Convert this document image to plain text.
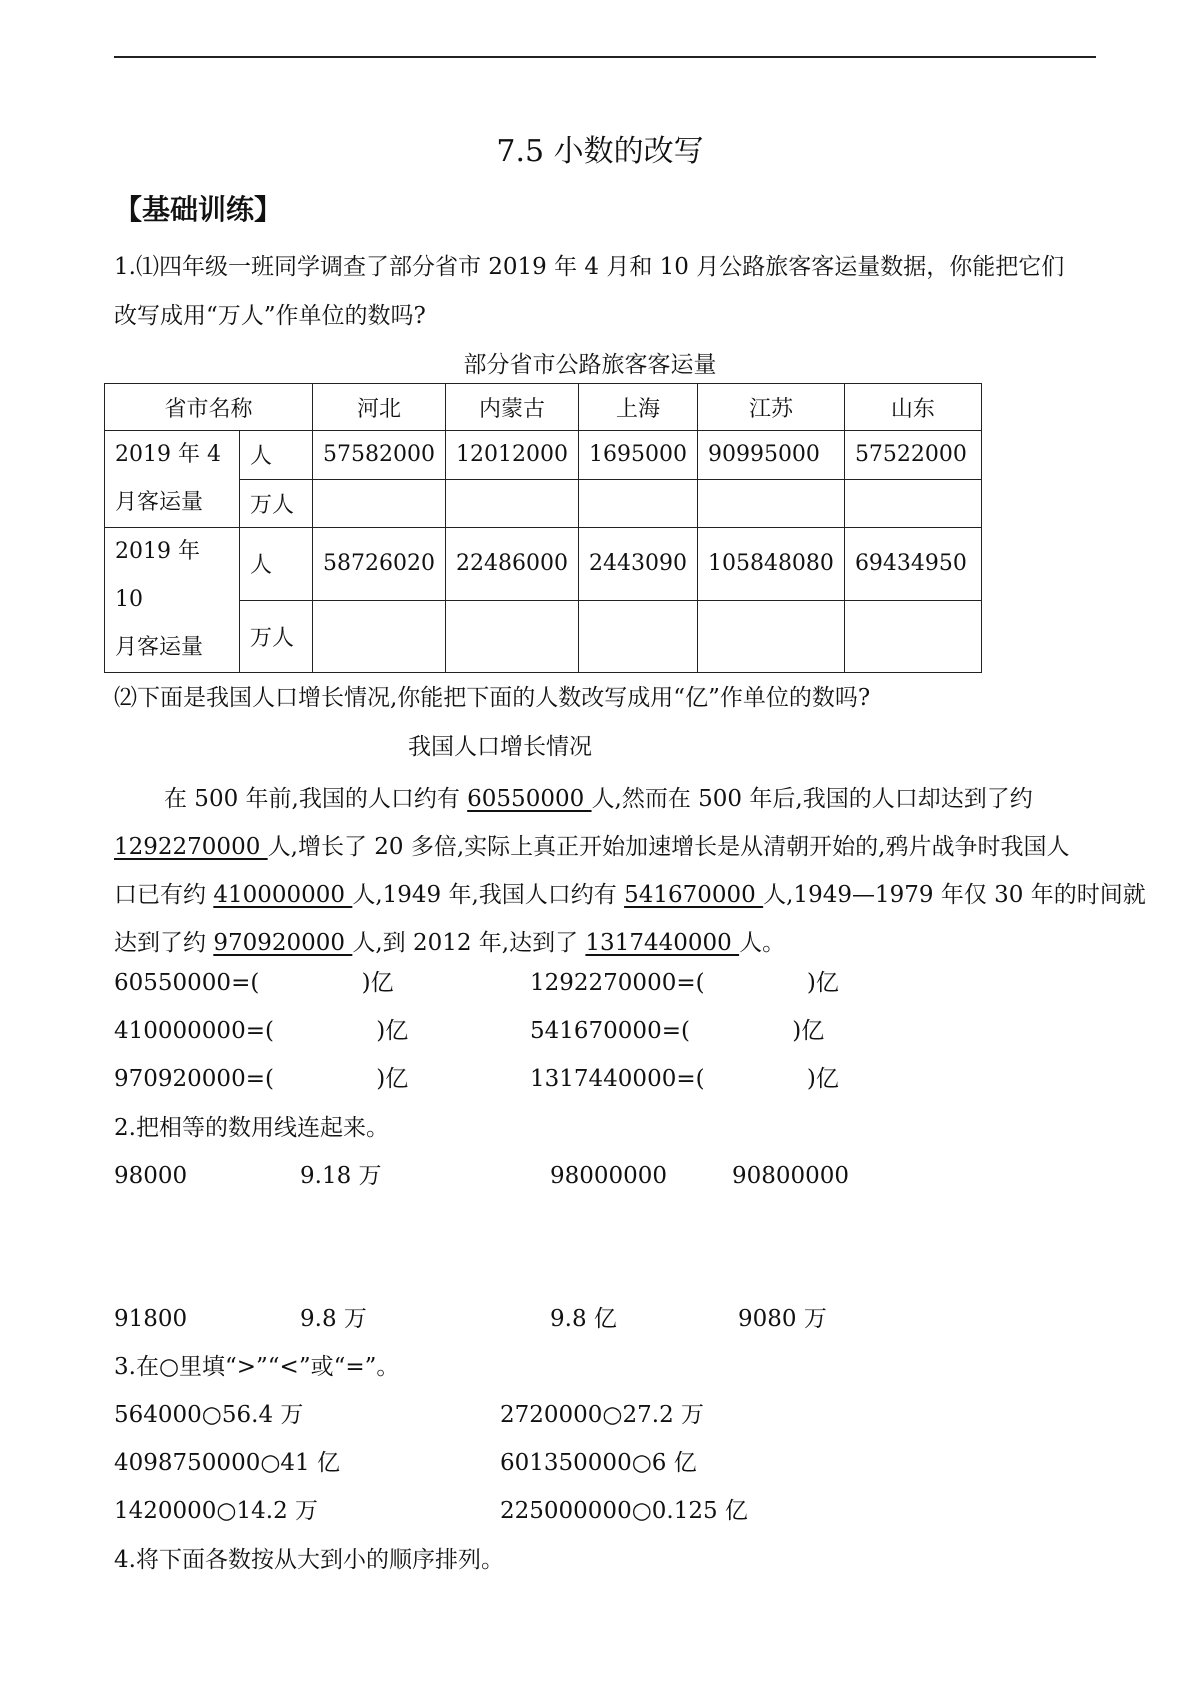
7.5 小数的改写
【基础训练】
1.⑴四年级一班同学调查了部分省市 2019 年 4 月和 10 月公路旅客客运量数据，你能把它们
改写成用“万人”作单位的数吗?
部分省市公路旅客客运量
省市名称		河北	内蒙古	上海	江苏	山东

2019 年 4
月客运量	人	57582000	12012000	1695000	90995000	57522000
	万人					

2019 年 10
月客运量	人	58726020	22486000	2443090	105848080	69434950
	万人					
⑵下面是我国人口增长情况,你能把下面的人数改写成用“亿”作单位的数吗?
我国人口增长情况
在 500 年前,我国的人口约有 60550000 人,然而在 500 年后,我国的人口却达到了约
1292270000 人,增长了 20 多倍,实际上真正开始加速增长是从清朝开始的,鸦片战争时我国人
口已有约 410000000 人,1949 年,我国人口约有 541670000 人,1949—1979 年仅 30 年的时间就
达到了约 970920000 人,到 2012 年,达到了 1317440000 人。
60550000=(              )亿	1292270000=(              )亿
410000000=(              )亿	541670000=(              )亿
970920000=(              )亿	1317440000=(              )亿
2.把相等的数用线连起来。
98000	9.18 万	98000000	90800000
91800	9.8 万	9.8 亿	9080 万
3.在○里填“>”“<”或“=”。
564000○56.4 万	2720000○27.2 万
4098750000○41 亿	601350000○6 亿
1420000○14.2 万	225000000○0.125 亿
4.将下面各数按从大到小的顺序排列。
